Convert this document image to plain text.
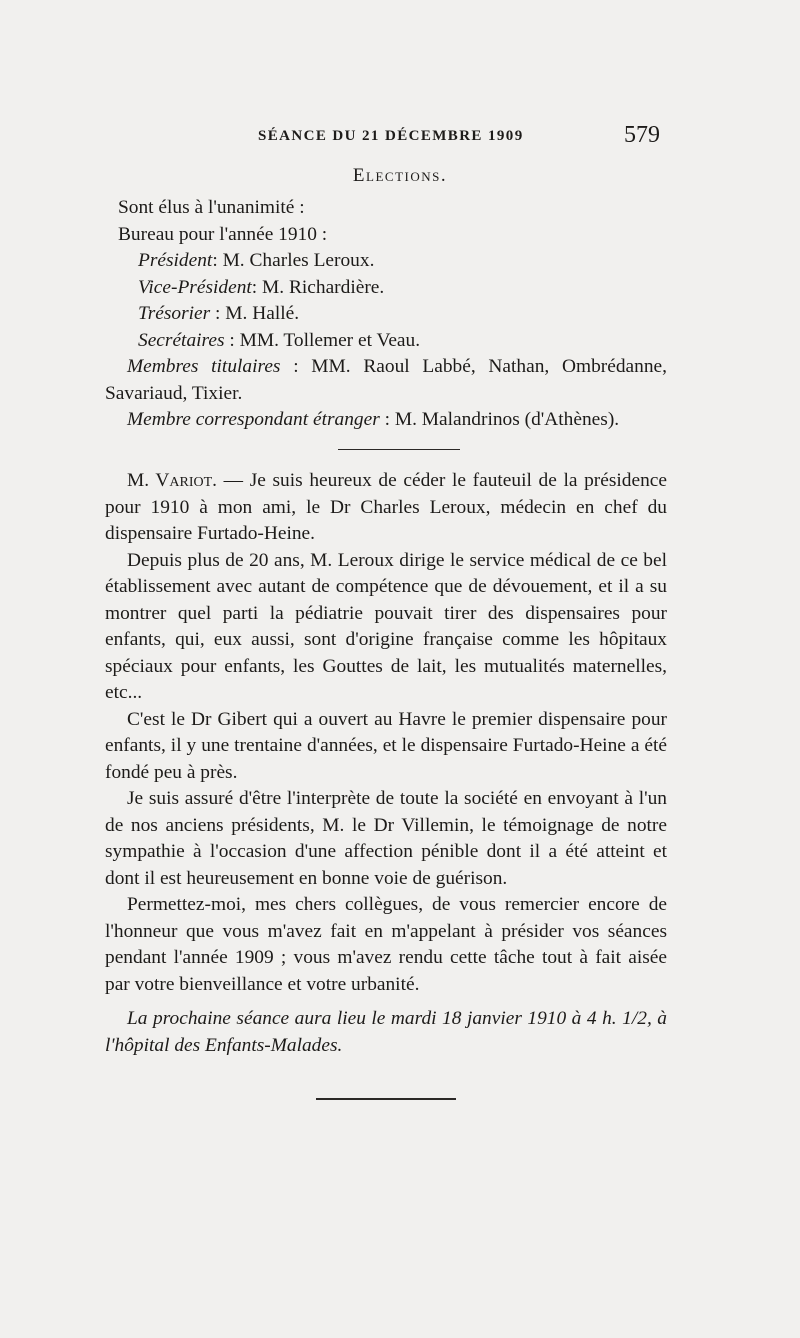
SÉANCE DU 21 DÉCEMBRE 1909	579
Elections.

Sont élus à l'unanimité :

Bureau pour l'année 1910 :

Président: M. Charles Leroux.

Vice-Président: M. Richardière.

Trésorier : M. Hallé.

Secrétaires : MM. Tollemer et Veau.

Membres titulaires : MM. Raoul Labbé, Nathan, Ombrédanne, Savariaud, Tixier.

Membre correspondant étranger : M. Malandrinos (d'Athènes).

M. Variot. — Je suis heureux de céder le fauteuil de la présidence pour 1910 à mon ami, le Dr Charles Leroux, médecin en chef du dispensaire Furtado-Heine.

Depuis plus de 20 ans, M. Leroux dirige le service médical de ce bel établissement avec autant de compétence que de dévouement, et il a su montrer quel parti la pédiatrie pouvait tirer des dispensaires pour enfants, qui, eux aussi, sont d'origine française comme les hôpitaux spéciaux pour enfants, les Gouttes de lait, les mutualités maternelles, etc...

C'est le Dr Gibert qui a ouvert au Havre le premier dispensaire pour enfants, il y une trentaine d'années, et le dispensaire Furtado-Heine a été fondé peu à près.

Je suis assuré d'être l'interprète de toute la société en envoyant à l'un de nos anciens présidents, M. le Dr Villemin, le témoignage de notre sympathie à l'occasion d'une affection pénible dont il a été atteint et dont il est heureusement en bonne voie de guérison.

Permettez-moi, mes chers collègues, de vous remercier encore de l'honneur que vous m'avez fait en m'appelant à présider vos séances pendant l'année 1909 ; vous m'avez rendu cette tâche tout à fait aisée par votre bienveillance et votre urbanité.

La prochaine séance aura lieu le mardi 18 janvier 1910 à 4 h. 1/2, à l'hôpital des Enfants-Malades.
